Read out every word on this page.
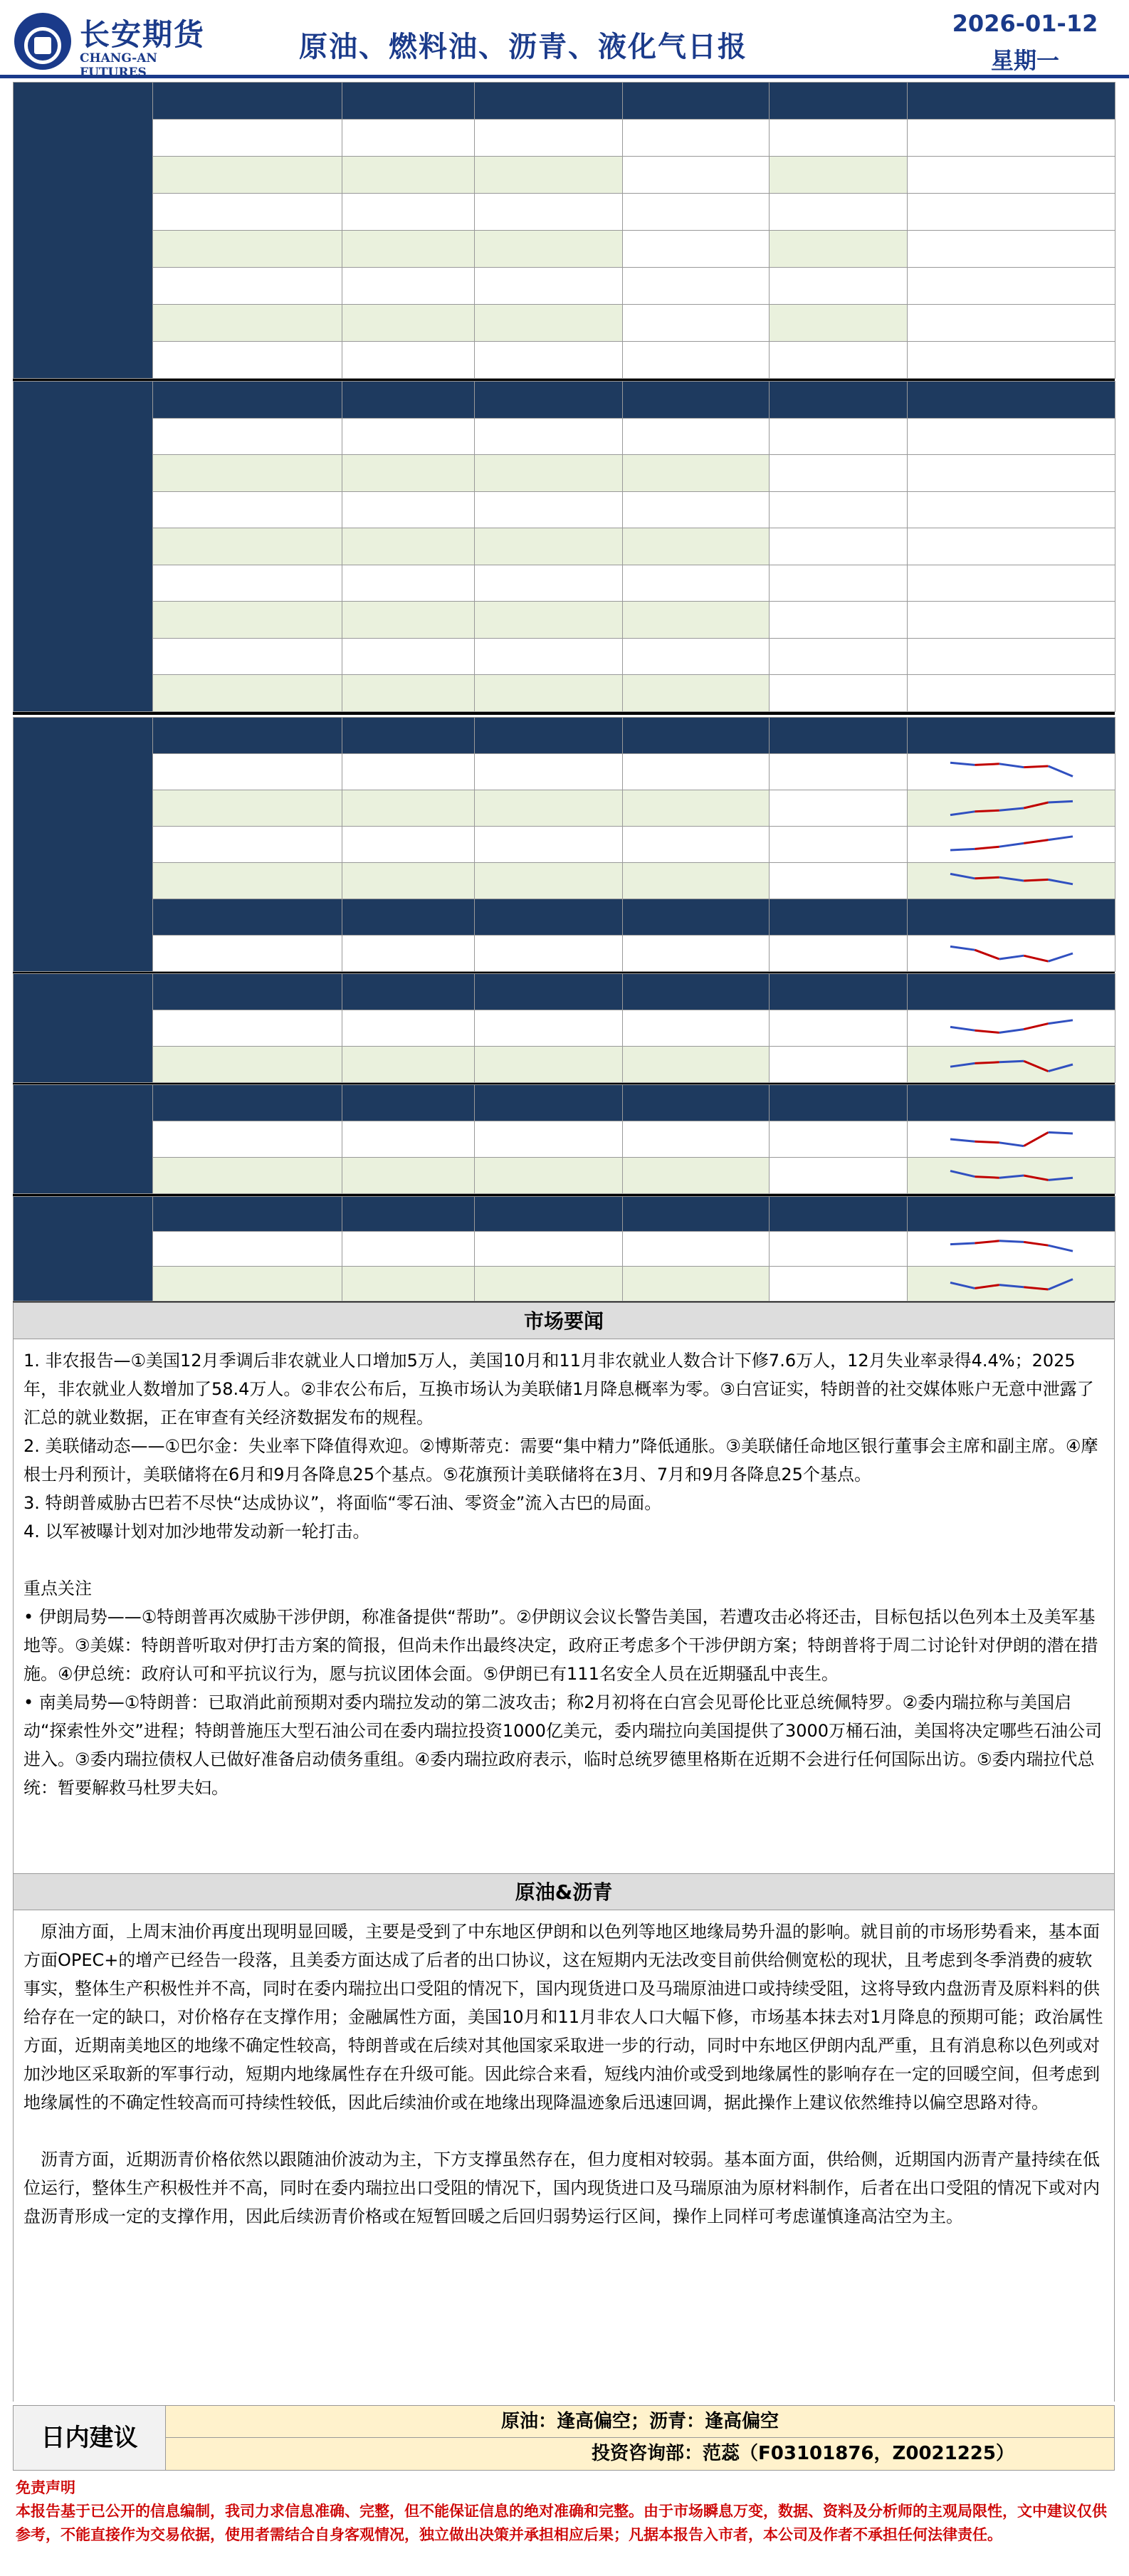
长安期货
CHANG-AN FUTURES
原油、燃料油、沥青、液化气日报
2026-01-12
星期一

市场要闻

1. 非农报告—①美国12月季调后非农就业人口增加5万人，美国10月和11月非农就业人数合计下修7.6万人，12月失业率录得4.4%；2025年，非农就业人数增加了58.4万人。②非农公布后，互换市场认为美联储1月降息概率为零。③白宫证实，特朗普的社交媒体账户无意中泄露了汇总的就业数据，正在审查有关经济数据发布的规程。

2. 美联储动态——①巴尔金：失业率下降值得欢迎。②博斯蒂克：需要“集中精力”降低通胀。③美联储任命地区银行董事会主席和副主席。④摩根士丹利预计，美联储将在6月和9月各降息25个基点。⑤花旗预计美联储将在3月、7月和9月各降息25个基点。

3. 特朗普威胁古巴若不尽快“达成协议”，将面临“零石油、零资金”流入古巴的局面。

4. 以军被曝计划对加沙地带发动新一轮打击。

重点关注

• 伊朗局势——①特朗普再次威胁干涉伊朗，称准备提供“帮助”。②伊朗议会议长警告美国，若遭攻击必将还击，目标包括以色列本土及美军基地等。③美媒：特朗普听取对伊打击方案的简报，但尚未作出最终决定，政府正考虑多个干涉伊朗方案；特朗普将于周二讨论针对伊朗的潜在措施。④伊总统：政府认可和平抗议行为，愿与抗议团体会面。⑤伊朗已有111名安全人员在近期骚乱中丧生。

• 南美局势—①特朗普：已取消此前预期对委内瑞拉发动的第二波攻击；称2月初将在白宫会见哥伦比亚总统佩特罗。②委内瑞拉称与美国启动“探索性外交”进程；特朗普施压大型石油公司在委内瑞拉投资1000亿美元，委内瑞拉向美国提供了3000万桶石油，美国将决定哪些石油公司进入。③委内瑞拉债权人已做好准备启动债务重组。④委内瑞拉政府表示，临时总统罗德里格斯在近期不会进行任何国际出访。⑤委内瑞拉代总统：暂要解救马杜罗夫妇。

原油&沥青

　原油方面，上周末油价再度出现明显回暖，主要是受到了中东地区伊朗和以色列等地区地缘局势升温的影响。就目前的市场形势看来，基本面方面OPEC+的增产已经告一段落，且美委方面达成了后者的出口协议，这在短期内无法改变目前供给侧宽松的现状，且考虑到冬季消费的疲软事实，整体生产积极性并不高，同时在委内瑞拉出口受阻的情况下，国内现货进口及马瑞原油进口或持续受阻，这将导致内盘沥青及原料料的供给存在一定的缺口，对价格存在支撑作用；金融属性方面，美国10月和11月非农人口大幅下修，市场基本抹去对1月降息的预期可能；政治属性方面，近期南美地区的地缘不确定性较高，特朗普或在后续对其他国家采取进一步的行动，同时中东地区伊朗内乱严重，且有消息称以色列或对加沙地区采取新的军事行动，短期内地缘属性存在升级可能。因此综合来看，短线内油价或受到地缘属性的影响存在一定的回暖空间，但考虑到地缘属性的不确定性较高而可持续性较低，因此后续油价或在地缘出现降温迹象后迅速回调，据此操作上建议依然维持以偏空思路对待。

　沥青方面，近期沥青价格依然以跟随油价波动为主，下方支撑虽然存在，但力度相对较弱。基本面方面，供给侧，近期国内沥青产量持续在低位运行，整体生产积极性并不高，同时在委内瑞拉出口受阻的情况下，国内现货进口及马瑞原油为原材料制作，后者在出口受阻的情况下或对内盘沥青形成一定的支撑作用，因此后续沥青价格或在短暂回暖之后回归弱势运行区间，操作上同样可考虑谨慎逢高沽空为主。

日内建议
原油：逢高偏空；沥青：逢高偏空
投资咨询部：范蕊（F03101876，Z0021225）
免责声明
本报告基于已公开的信息编制，我司力求信息准确、完整，但不能保证信息的绝对准确和完整。由于市场瞬息万变，数据、资料及分析师的主观局限性，文中建议仅供参考，不能直接作为交易依据，使用者需结合自身客观情况，独立做出决策并承担相应后果；凡据本报告入市者，本公司及作者不承担任何法律责任。
